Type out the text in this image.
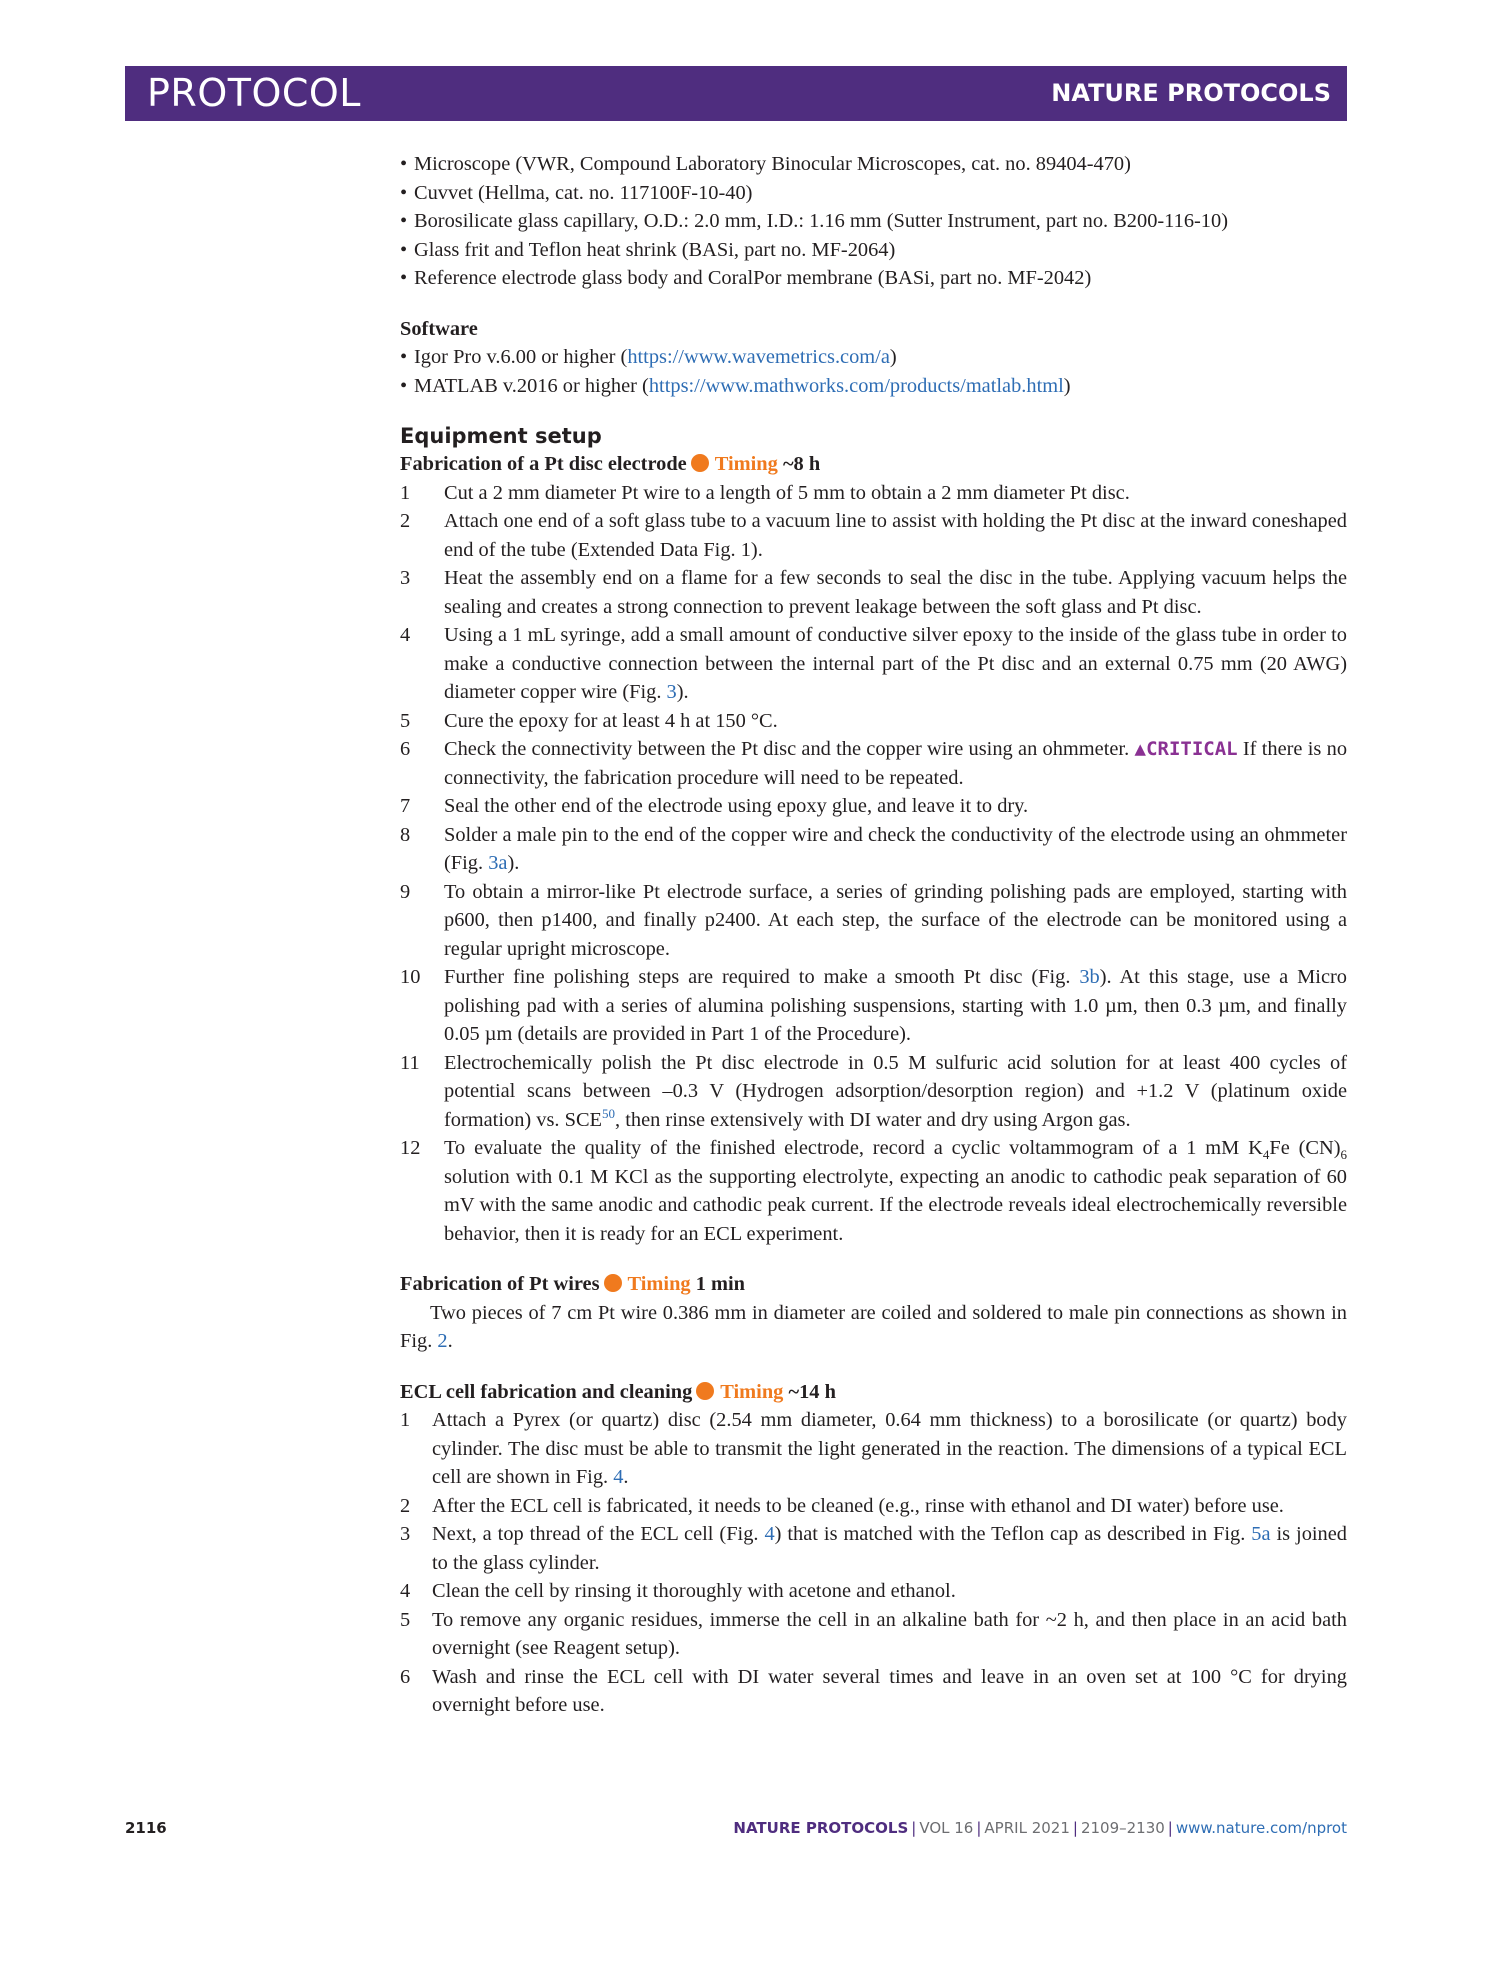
PROTOCOL	NATURE PROTOCOLS
• Microscope (VWR, Compound Laboratory Binocular Microscopes, cat. no. 89404-470)
• Cuvvet (Hellma, cat. no. 117100F-10-40)
• Borosilicate glass capillary, O.D.: 2.0 mm, I.D.: 1.16 mm (Sutter Instrument, part no. B200-116-10)
• Glass frit and Teflon heat shrink (BASi, part no. MF-2064)
• Reference electrode glass body and CoralPor membrane (BASi, part no. MF-2042)
Software
• Igor Pro v.6.00 or higher (https://www.wavemetrics.com/a)
• MATLAB v.2016 or higher (https://www.mathworks.com/products/matlab.html)
Equipment setup
Fabrication of a Pt disc electrode Timing ~8 h
1 Cut a 2 mm diameter Pt wire to a length of 5 mm to obtain a 2 mm diameter Pt disc.
2 Attach one end of a soft glass tube to a vacuum line to assist with holding the Pt disc at the inward coneshaped end of the tube (Extended Data Fig. 1).
3 Heat the assembly end on a flame for a few seconds to seal the disc in the tube. Applying vacuum helps the sealing and creates a strong connection to prevent leakage between the soft glass and Pt disc.
4 Using a 1 mL syringe, add a small amount of conductive silver epoxy to the inside of the glass tube in order to make a conductive connection between the internal part of the Pt disc and an external 0.75 mm (20 AWG) diameter copper wire (Fig. 3).
5 Cure the epoxy for at least 4 h at 150 °C.
6 Check the connectivity between the Pt disc and the copper wire using an ohmmeter. ▲CRITICAL If there is no connectivity, the fabrication procedure will need to be repeated.
7 Seal the other end of the electrode using epoxy glue, and leave it to dry.
8 Solder a male pin to the end of the copper wire and check the conductivity of the electrode using an ohmmeter (Fig. 3a).
9 To obtain a mirror-like Pt electrode surface, a series of grinding polishing pads are employed, starting with p600, then p1400, and finally p2400. At each step, the surface of the electrode can be monitored using a regular upright microscope.
10 Further fine polishing steps are required to make a smooth Pt disc (Fig. 3b). At this stage, use a Micro polishing pad with a series of alumina polishing suspensions, starting with 1.0 µm, then 0.3 µm, and finally 0.05 µm (details are provided in Part 1 of the Procedure).
11 Electrochemically polish the Pt disc electrode in 0.5 M sulfuric acid solution for at least 400 cycles of potential scans between –0.3 V (Hydrogen adsorption/desorption region) and +1.2 V (platinum oxide formation) vs. SCE$^{50}$, then rinse extensively with DI water and dry using Argon gas.
12 To evaluate the quality of the finished electrode, record a cyclic voltammogram of a 1 mM $K_4Fe$ $(CN)_6$ solution with 0.1 M KCl as the supporting electrolyte, expecting an anodic to cathodic peak separation of 60 mV with the same anodic and cathodic peak current. If the electrode reveals ideal electrochemically reversible behavior, then it is ready for an ECL experiment.
Fabrication of Pt wires Timing 1 min
Two pieces of 7 cm Pt wire 0.386 mm in diameter are coiled and soldered to male pin connections as shown in Fig. 2.
ECL cell fabrication and cleaning Timing ~14 h
1 Attach a Pyrex (or quartz) disc (2.54 mm diameter, 0.64 mm thickness) to a borosilicate (or quartz) body cylinder. The disc must be able to transmit the light generated in the reaction. The dimensions of a typical ECL cell are shown in Fig. 4.
2 After the ECL cell is fabricated, it needs to be cleaned (e.g., rinse with ethanol and DI water) before use.
3 Next, a top thread of the ECL cell (Fig. 4) that is matched with the Teflon cap as described in Fig. 5a is joined to the glass cylinder.
4 Clean the cell by rinsing it thoroughly with acetone and ethanol.
5 To remove any organic residues, immerse the cell in an alkaline bath for ~2 h, and then place in an acid bath overnight (see Reagent setup).
6 Wash and rinse the ECL cell with DI water several times and leave in an oven set at 100 °C for drying overnight before use.
2116	NATURE PROTOCOLS | VOL 16 | APRIL 2021 | 2109–2130 | www.nature.com/nprot
